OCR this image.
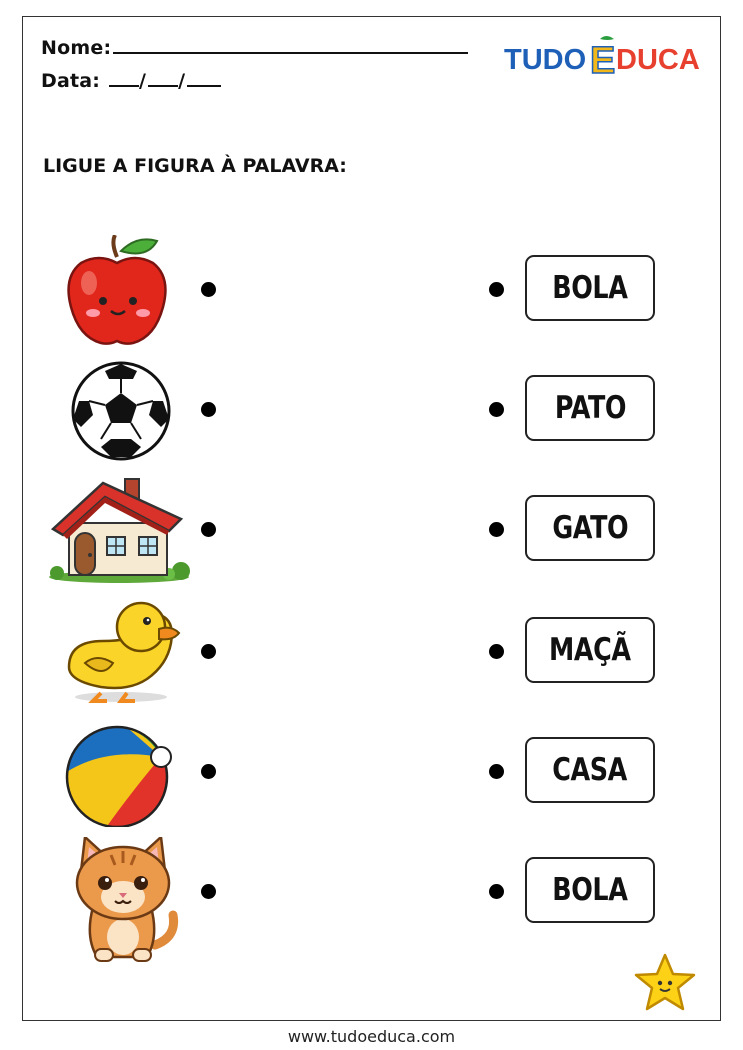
Nome:
Data: / /
TUDO E DUCA
LIGUE A FIGURA À PALAVRA:
BOLA
PATO
GATO
MAÇÃ
CASA
BOLA
www.tudoeduca.com
